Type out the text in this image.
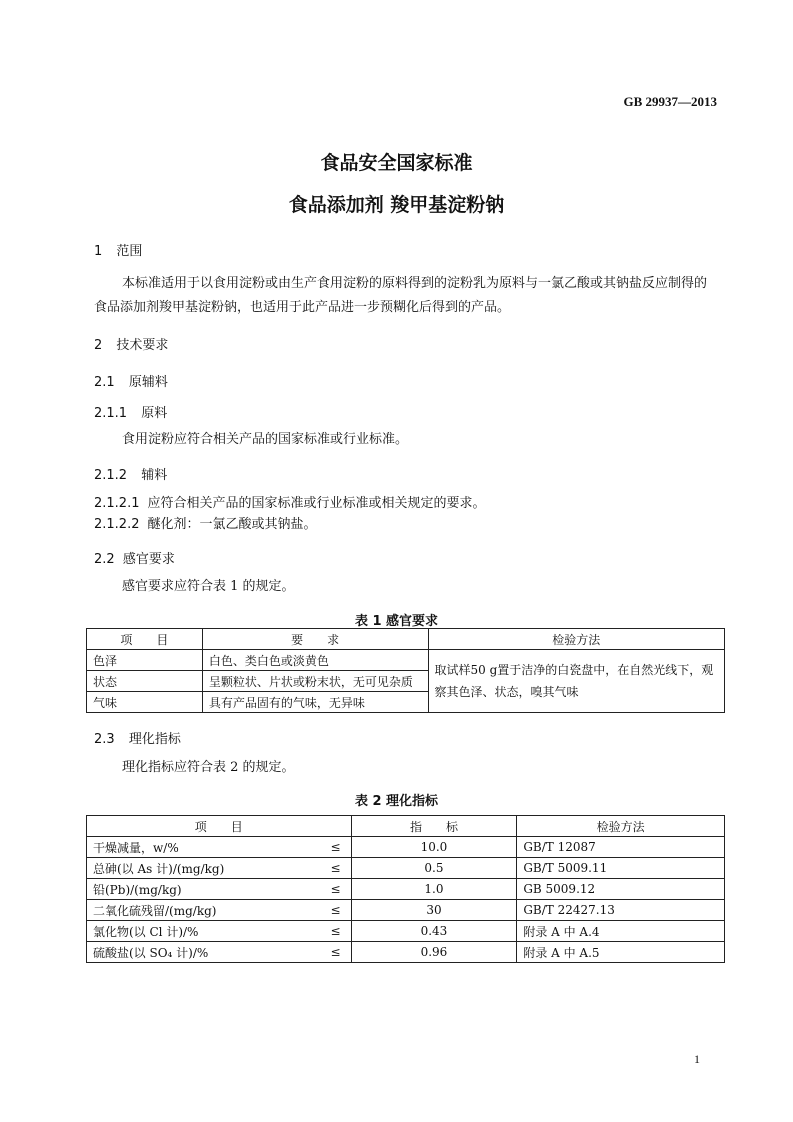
GB 29937—2013
食品安全国家标准
食品添加剂 羧甲基淀粉钠
1 范围
本标准适用于以食用淀粉或由生产食用淀粉的原料得到的淀粉乳为原料与一氯乙酸或其钠盐反应制得的食品添加剂羧甲基淀粉钠，也适用于此产品进一步预糊化后得到的产品。
2 技术要求
2.1 原辅料
2.1.1 原料
食用淀粉应符合相关产品的国家标准或行业标准。
2.1.2 辅料
2.1.2.1 应符合相关产品的国家标准或行业标准或相关规定的要求。
2.1.2.2 醚化剂：一氯乙酸或其钠盐。
2.2 感官要求
感官要求应符合表 1 的规定。
表 1 感官要求
项　　目	要　　求	检验方法
色泽	白色、类白色或淡黄色	取试样50 g置于洁净的白瓷盘中，在自然光线下，观察其色泽、状态，嗅其气味
状态	呈颗粒状、片状或粉末状，无可见杂质	
气味	具有产品固有的气味，无异味	
2.3 理化指标
理化指标应符合表 2 的规定。
表 2 理化指标
项　　目		指　　标	检验方法
干燥减量，w/%	≤	10.0	GB/T 12087
总砷(以 As 计)/(mg/kg)	≤	0.5	GB/T 5009.11
铅(Pb)/(mg/kg)	≤	1.0	GB 5009.12
二氧化硫残留/(mg/kg)	≤	30	GB/T 22427.13
氯化物(以 Cl 计)/%	≤	0.43	附录 A 中 A.4
硫酸盐(以 SO₄ 计)/%	≤	0.96	附录 A 中 A.5
1
